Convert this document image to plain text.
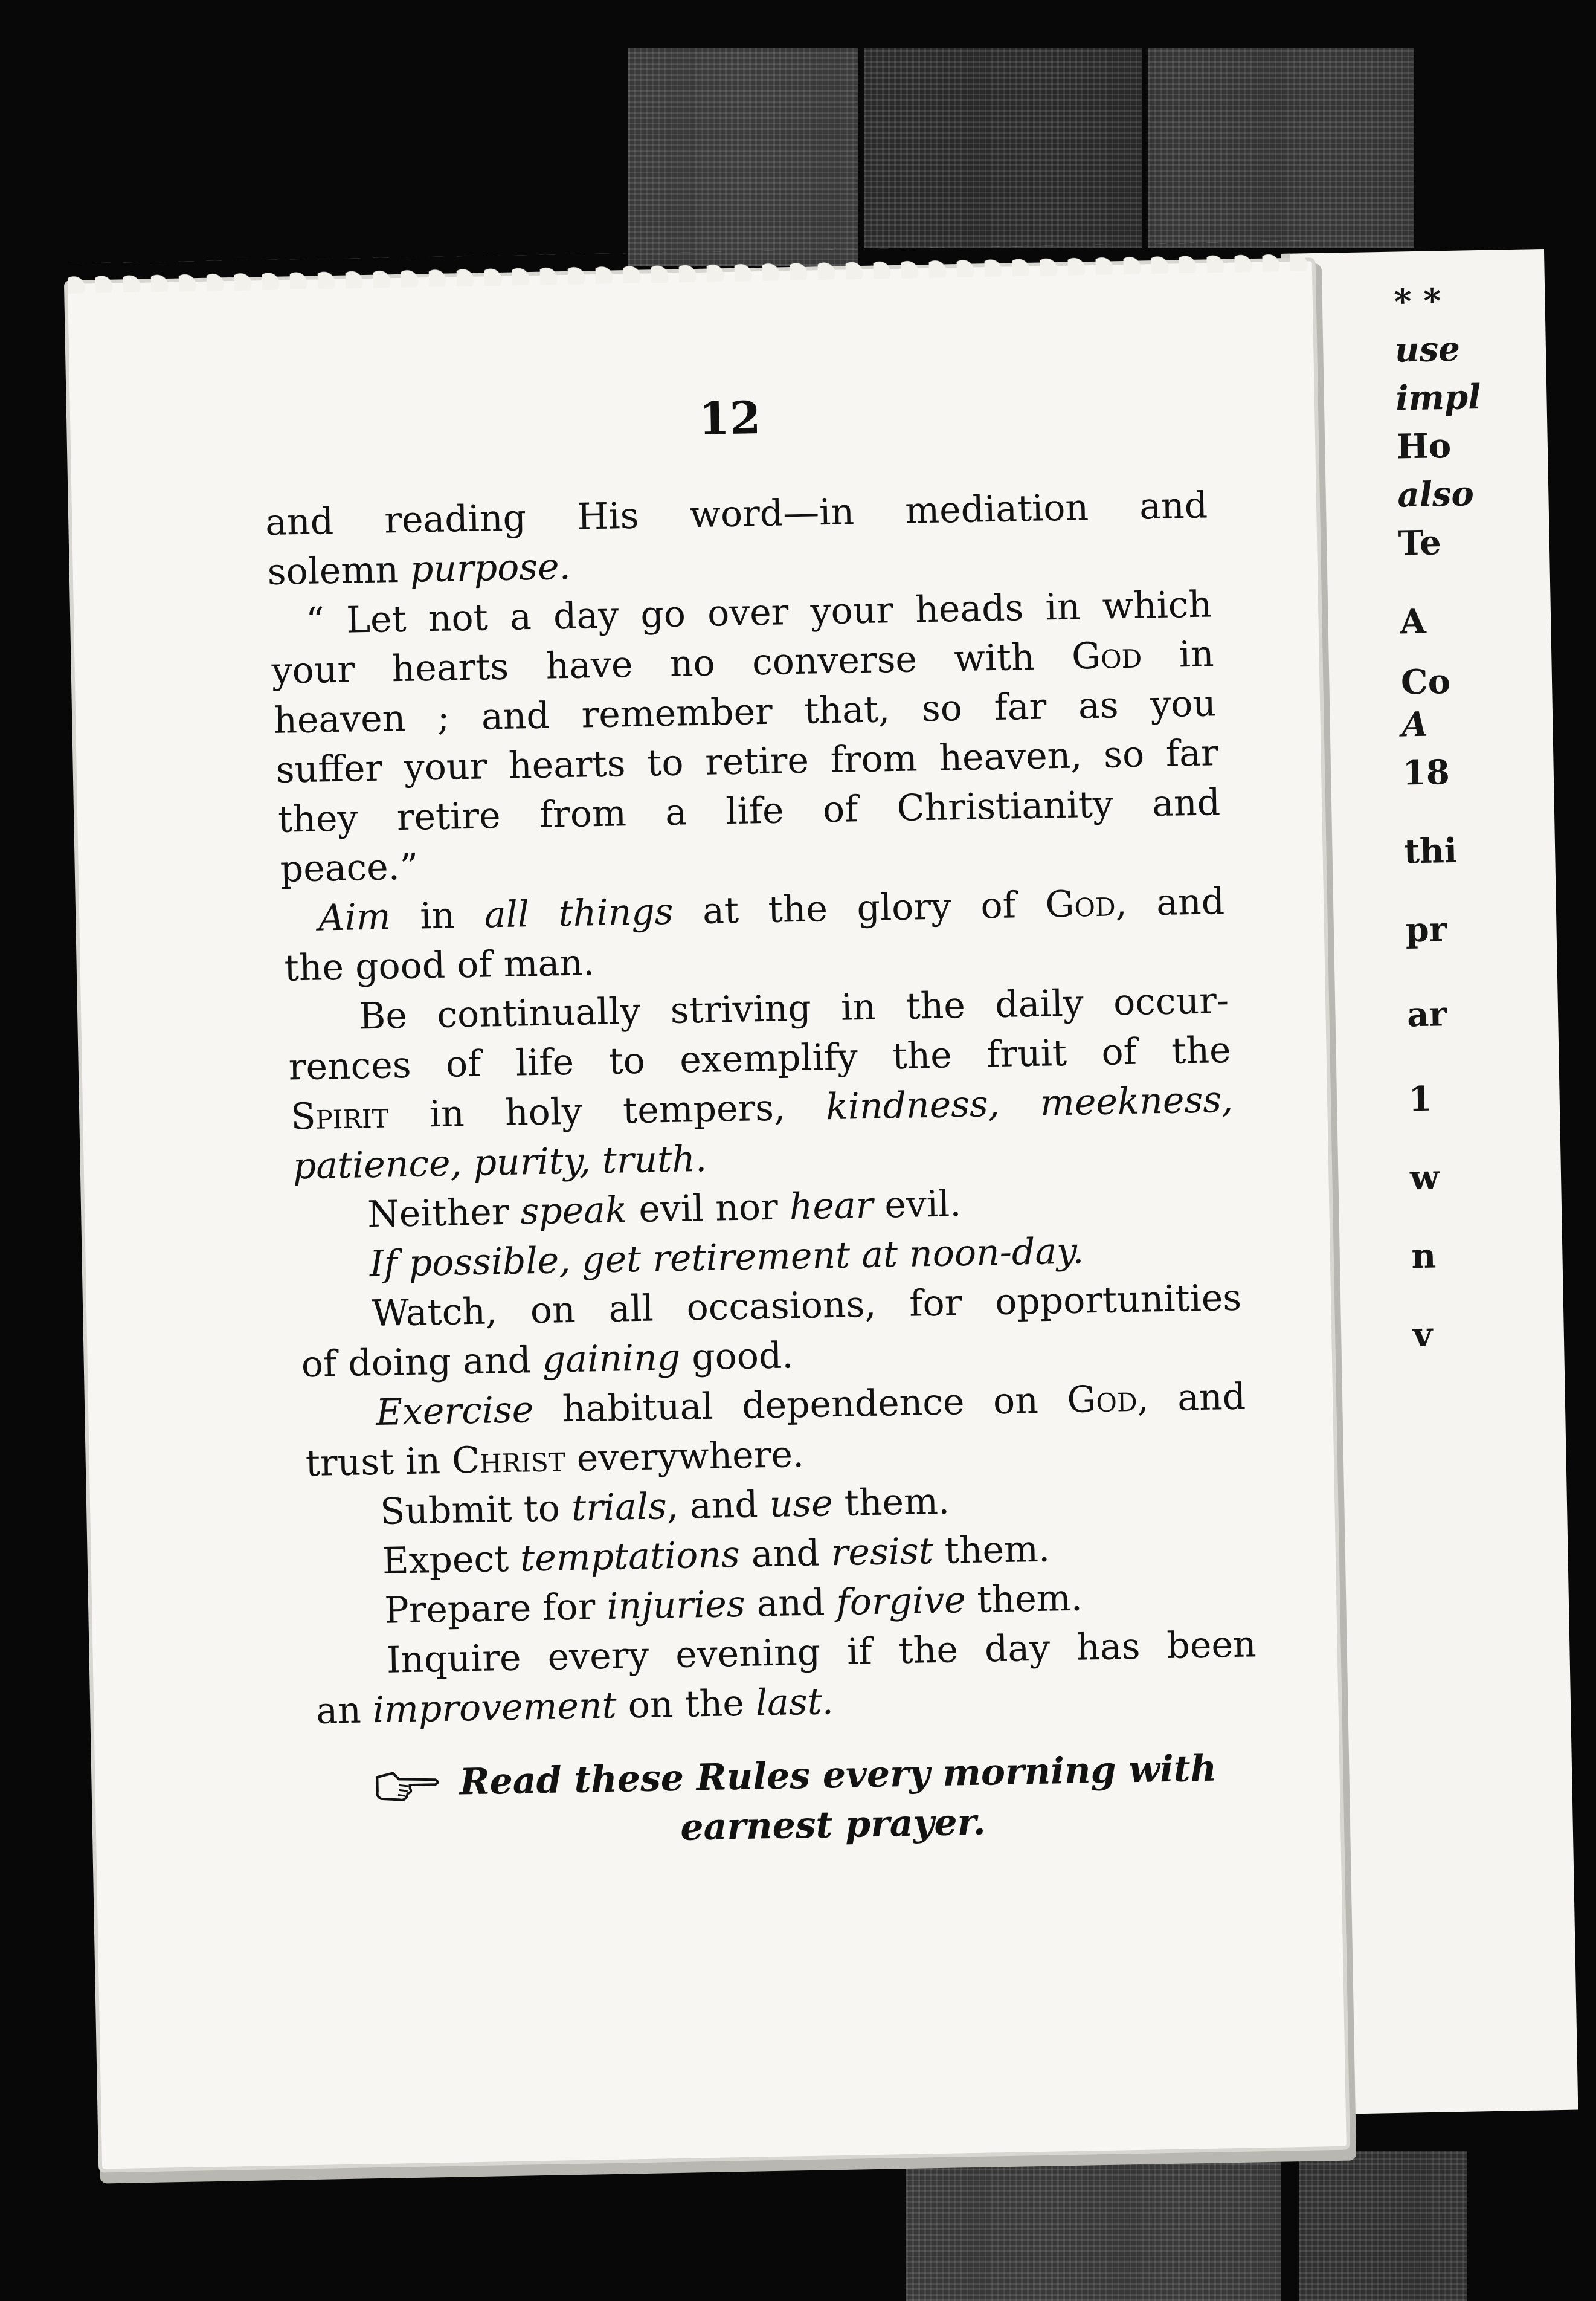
* *
use
impl
Ho
also
Te
A
Co
A
18
thi
pr
ar
1
w
n
v
12
and reading His word—in mediation and
solemn purpose.
“ Let not a day go over your heads in which
your hearts have no converse with God in
heaven ; and remember that, so far as you
suffer your hearts to retire from heaven, so far
they retire from a life of Christianity and
peace.”
Aim in all things at the glory of God, and
the good of man.
Be continually striving in the daily occur-
rences of life to exemplify the fruit of the
Spirit in holy tempers, kindness, meekness,
patience, purity, truth.
Neither speak evil nor hear evil.
If possible, get retirement at noon-day.
Watch, on all occasions, for opportunities
of doing and gaining good.
Exercise habitual dependence on God, and
trust in Christ everywhere.
Submit to trials, and use them.
Expect temptations and resist them.
Prepare for injuries and forgive them.
Inquire every evening if the day has been
an improvement on the last.
Read these Rules every morning with
earnest prayer.
